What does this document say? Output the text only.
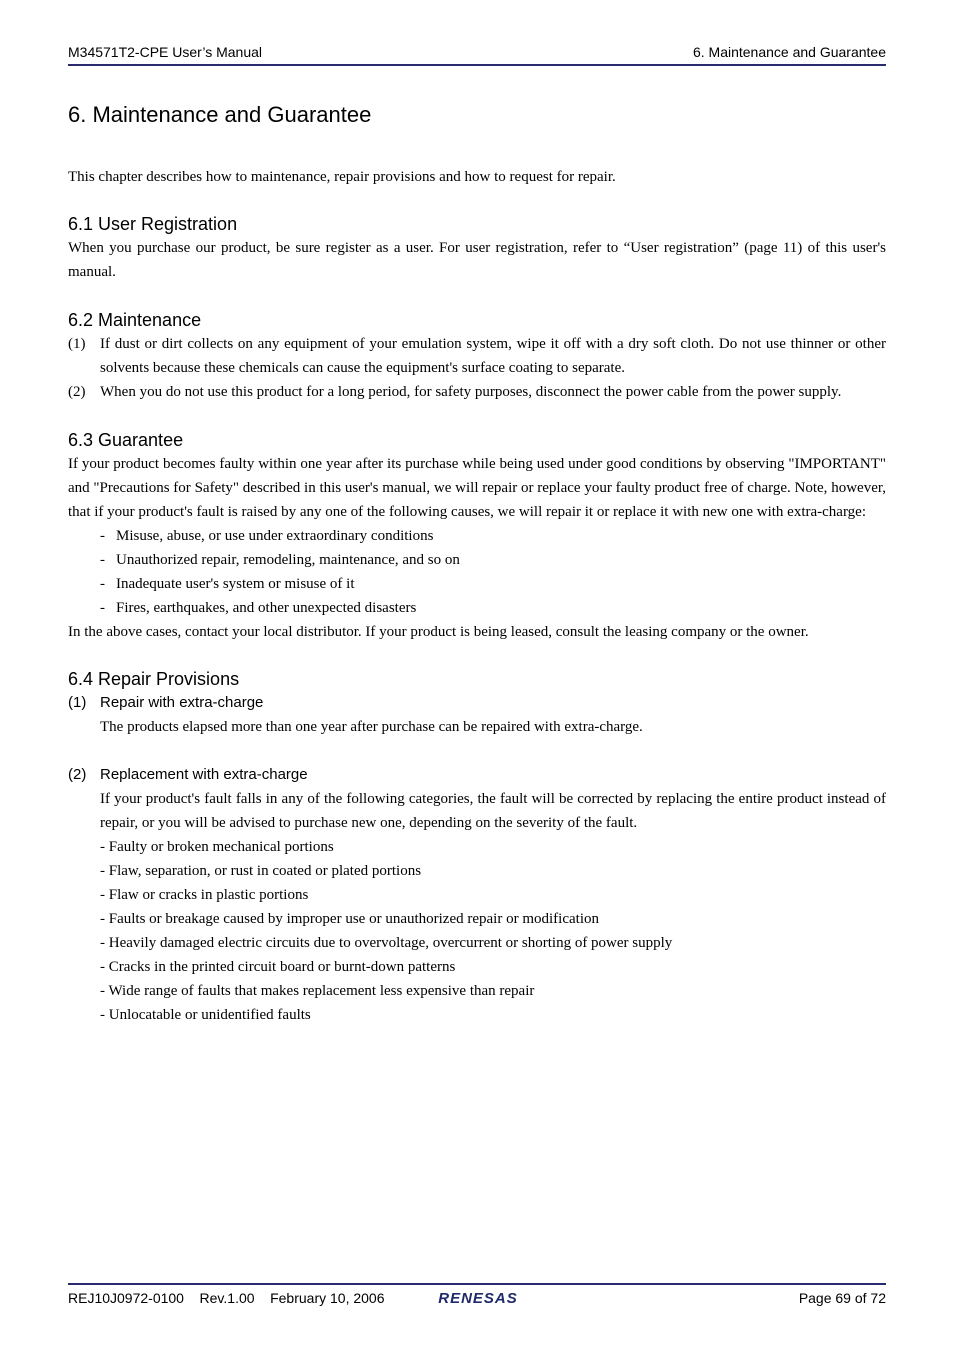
M34571T2-CPE User’s Manual	6. Maintenance and Guarantee
6. Maintenance and Guarantee

This chapter describes how to maintenance, repair provisions and how to request for repair.

6.1 User Registration

When you purchase our product, be sure register as a user. For user registration, refer to “User registration” (page 11) of this user's manual.

6.2 Maintenance
(1) If dust or dirt collects on any equipment of your emulation system, wipe it off with a dry soft cloth. Do not use thinner or other solvents because these chemicals can cause the equipment's surface coating to separate.
(2) When you do not use this product for a long period, for safety purposes, disconnect the power cable from the power supply.
6.3 Guarantee

If your product becomes faulty within one year after its purchase while being used under good conditions by observing "IMPORTANT" and "Precautions for Safety" described in this user's manual, we will repair or replace your faulty product free of charge. Note, however, that if your product's fault is raised by any one of the following causes, we will repair it or replace it with new one with extra-charge:

- Misuse, abuse, or use under extraordinary conditions
- Unauthorized repair, remodeling, maintenance, and so on
- Inadequate user's system or misuse of it
- Fires, earthquakes, and other unexpected disasters

In the above cases, contact your local distributor. If your product is being leased, consult the leasing company or the owner.

6.4 Repair Provisions
(1) Repair with extra-charge

The products elapsed more than one year after purchase can be repaired with extra-charge.

(2) Replacement with extra-charge

If your product's fault falls in any of the following categories, the fault will be corrected by replacing the entire product instead of repair, or you will be advised to purchase new one, depending on the severity of the fault.

- Faulty or broken mechanical portions

- Flaw, separation, or rust in coated or plated portions

- Flaw or cracks in plastic portions

- Faults or breakage caused by improper use or unauthorized repair or modification

- Heavily damaged electric circuits due to overvoltage, overcurrent or shorting of power supply

- Cracks in the printed circuit board or burnt-down patterns

- Wide range of faults that makes replacement less expensive than repair

- Unlocatable or unidentified faults

REJ10J0972-0100    Rev.1.00    February 10, 2006	RENESAS	Page 69 of 72
